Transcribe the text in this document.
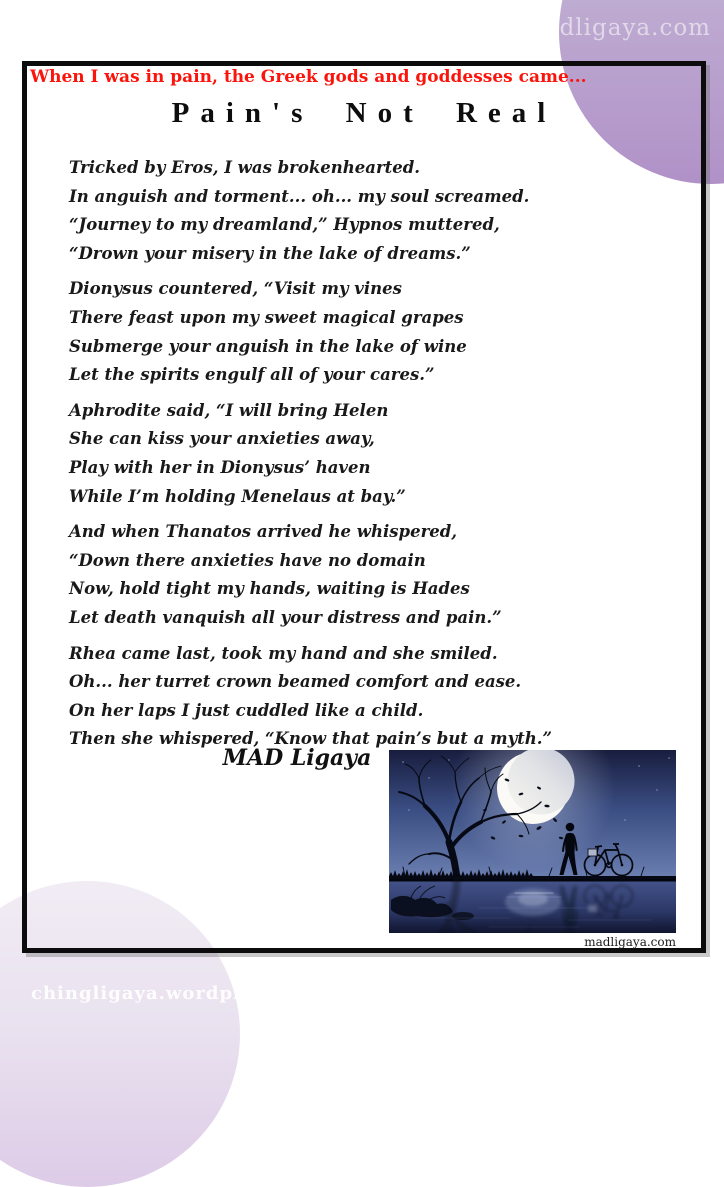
madligaya.com
chingligaya.wordpress.com
When I was in pain, the Greek gods and goddesses came...
Pain's Not Real
Tricked by Eros, I was brokenhearted.
In anguish and torment... oh... my soul screamed.
“Journey to my dreamland,” Hypnos muttered,
“Drown your misery in the lake of dreams.”
Dionysus countered, “Visit my vines
There feast upon my sweet magical grapes
Submerge your anguish in the lake of wine
Let the spirits engulf all of your cares.”
Aphrodite said, “I will bring Helen
She can kiss your anxieties away,
Play with her in Dionysus’ haven
While I’m holding Menelaus at bay.”
And when Thanatos arrived he whispered,
“Down there anxieties have no domain
Now, hold tight my hands, waiting is Hades
Let death vanquish all your distress and pain.”
Rhea came last, took my hand and she smiled.
Oh... her turret crown beamed comfort and ease.
On her laps I just cuddled like a child.
Then she whispered, “Know that pain’s but a myth.”
MAD Ligaya
madligaya.com
